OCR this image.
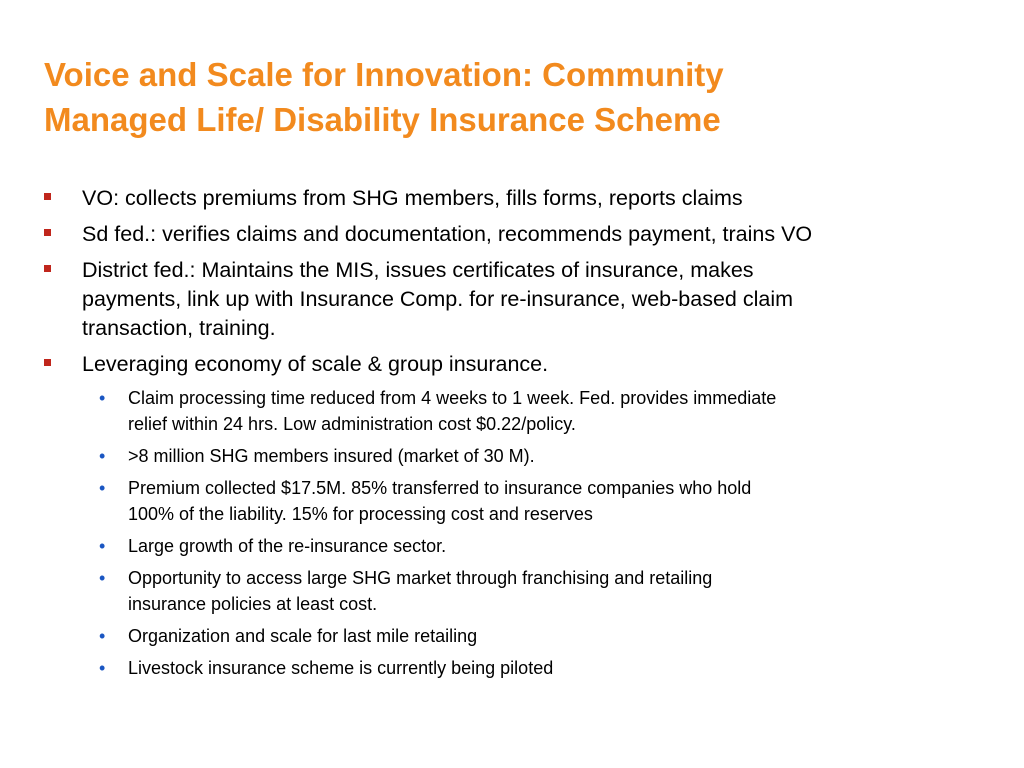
Voice and Scale for Innovation: Community
Managed Life/ Disability Insurance Scheme
VO: collects premiums from SHG members, fills forms, reports claims
Sd fed.: verifies claims and documentation, recommends payment, trains VO
District fed.: Maintains the MIS, issues certificates of insurance, makes
payments, link up with Insurance Comp. for re-insurance, web-based claim
transaction, training.
Leveraging economy of scale & group insurance.
• Claim processing time reduced from 4 weeks to 1 week. Fed. provides immediate
relief within 24 hrs. Low administration cost $0.22/policy.
• >8 million SHG members insured (market of 30 M).
• Premium collected $17.5M. 85% transferred to insurance companies who hold
100% of the liability. 15% for processing cost and reserves
• Large growth of the re-insurance sector.
• Opportunity to access large SHG market through franchising and retailing
insurance policies at least cost.
• Organization and scale for last mile retailing
• Livestock insurance scheme is currently being piloted
